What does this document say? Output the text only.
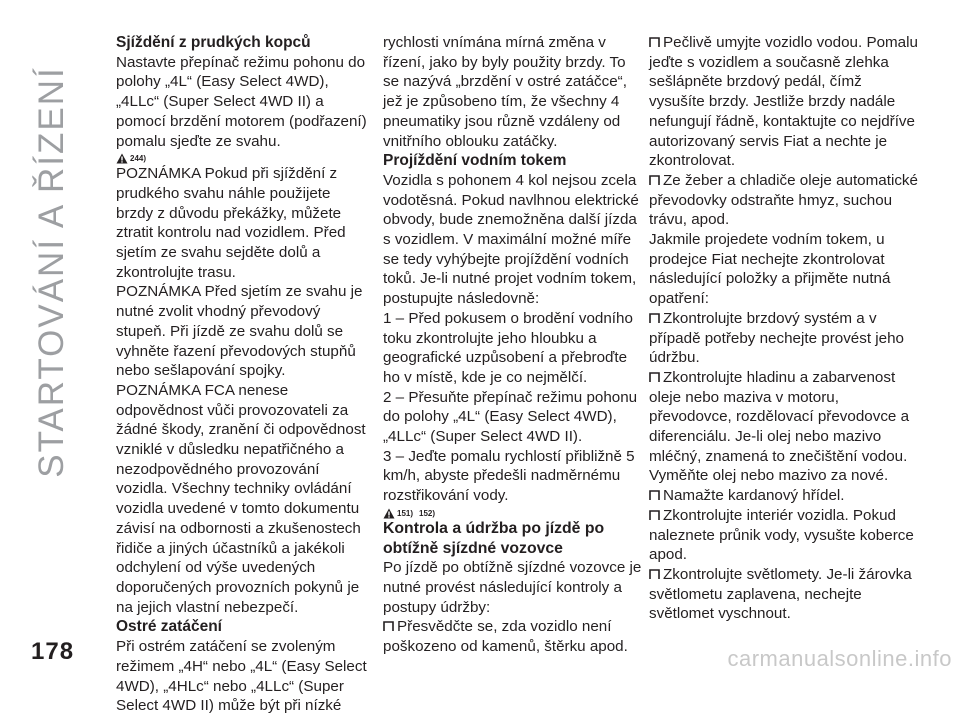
STARTOVÁNÍ A ŘÍZENÍ
Sjíždění z prudkých kopců

Nastavte přepínač režimu pohonu do polohy „4L“ (Easy Select 4WD), „4LLc“ (Super Select 4WD II) a pomocí brzdění motorem (podřazení) pomalu sjeďte ze svahu.

244)

POZNÁMKA Pokud při sjíždění z prudkého svahu náhle použijete brzdy z důvodu překážky, můžete ztratit kontrolu nad vozidlem. Před sjetím ze svahu sejděte dolů a zkontrolujte trasu.

POZNÁMKA Před sjetím ze svahu je nutné zvolit vhodný převodový stupeň. Při jízdě ze svahu dolů se vyhněte řazení převodových stupňů nebo sešlapování spojky.

POZNÁMKA FCA nenese odpovědnost vůči provozovateli za žádné škody, zranění či odpovědnost vzniklé v důsledku nepatřičného a nezodpovědného provozování vozidla. Všechny techniky ovládání vozidla uvedené v tomto dokumentu závisí na odbornosti a zkušenostech řidiče a jiných účastníků a jakékoli odchylení od výše uvedených doporučených provozních pokynů je na jejich vlastní nebezpečí.

Ostré zatáčení

Při ostrém zatáčení se zvoleným režimem „4H“ nebo „4L“ (Easy Select 4WD), „4HLc“ nebo „4LLc“ (Super Select 4WD II) může být při nízké

rychlosti vnímána mírná změna v řízení, jako by byly použity brzdy. To se nazývá „brzdění v ostré zatáčce“, jež je způsobeno tím, že všechny 4 pneumatiky jsou různě vzdáleny od vnitřního oblouku zatáčky.

Projíždění vodním tokem

Vozidla s pohonem 4 kol nejsou zcela vodotěsná. Pokud navlhnou elektrické obvody, bude znemožněna další jízda s vozidlem. V maximální možné míře se tedy vyhýbejte projíždění vodních toků. Je-li nutné projet vodním tokem, postupujte následovně:

1 – Před pokusem o brodění vodního toku zkontrolujte jeho hloubku a geografické uzpůsobení a přebroďte ho v místě, kde je co nejmělčí.

2 – Přesuňte přepínač režimu pohonu do polohy „4L“ (Easy Select 4WD), „4LLc“ (Super Select 4WD II).

3 – Jeďte pomalu rychlostí přibližně 5 km/h, abyste předešli nadměrnému rozstřikování vody.

151) 152)
Kontrola a údržba po jízdě po obtížně sjízdné vozovce

Po jízdě po obtížně sjízdné vozovce je nutné provést následující kontroly a postupy údržby:

Přesvědčte se, zda vozidlo není poškozeno od kamenů, štěrku apod.

Pečlivě umyjte vozidlo vodou. Pomalu jeďte s vozidlem a současně zlehka sešlápněte brzdový pedál, čímž vysušíte brzdy. Jestliže brzdy nadále nefungují řádně, kontaktujte co nejdříve autorizovaný servis Fiat a nechte je zkontrolovat.

Ze žeber a chladiče oleje automatické převodovky odstraňte hmyz, suchou trávu, apod.

Jakmile projedete vodním tokem, u prodejce Fiat nechejte zkontrolovat následující položky a přijměte nutná opatření:

Zkontrolujte brzdový systém a v případě potřeby nechejte provést jeho údržbu.

Zkontrolujte hladinu a zabarvenost oleje nebo maziva v motoru, převodovce, rozdělovací převodovce a diferenciálu. Je-li olej nebo mazivo mléčný, znamená to znečištění vodou. Vyměňte olej nebo mazivo za nové.

Namažte kardanový hřídel.

Zkontrolujte interiér vozidla. Pokud naleznete průnik vody, vysušte koberce apod.

Zkontrolujte světlomety. Je-li žárovka světlometu zaplavena, nechejte světlomet vyschnout.

178	carmanualsonline.info
